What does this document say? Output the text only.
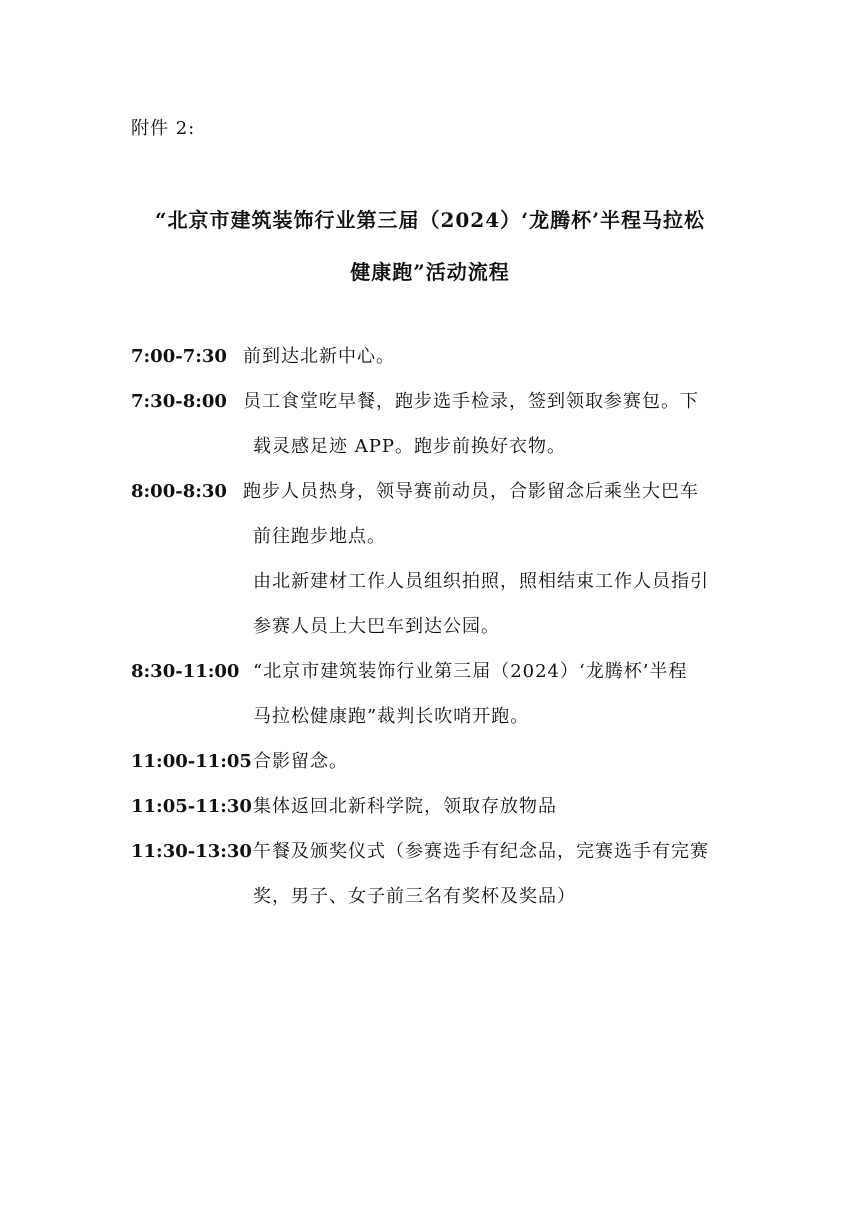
附件 2:
“北京市建筑装饰行业第三届（2024）‘龙腾杯’半程马拉松
健康跑”活动流程
7:00-7:30 前到达北新中心。
7:30-8:00 员工食堂吃早餐，跑步选手检录，签到领取参赛包。下
载灵感足迹 APP。跑步前换好衣物。
8:00-8:30 跑步人员热身，领导赛前动员，合影留念后乘坐大巴车
前往跑步地点。
由北新建材工作人员组织拍照，照相结束工作人员指引
参赛人员上大巴车到达公园。
8:30-11:00 “北京市建筑装饰行业第三届（2024）‘龙腾杯’半程
马拉松健康跑”裁判长吹哨开跑。
11:00-11:05合影留念。
11:05-11:30集体返回北新科学院，领取存放物品
11:30-13:30午餐及颁奖仪式（参赛选手有纪念品，完赛选手有完赛
奖，男子、女子前三名有奖杯及奖品）
